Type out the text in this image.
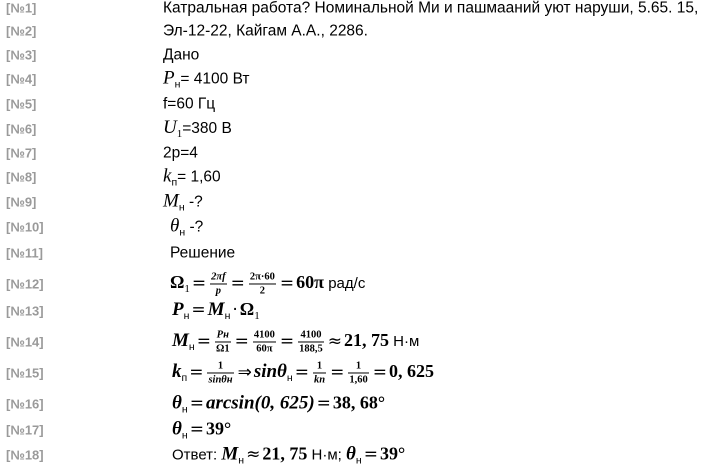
[№1]	Катральная работа? Номинальной Ми и пашмааний уют наруши, 5.65. 15,
[№2]	Эл-12-22, Кайгам А.А., 2286.
[№3]	Дано
[№4]	$P_н= 4100$ Вт
[№5]	f=60 Гц
[№6]	$U_1=380$ В
[№7]	2p=4
[№8]	$k_п= 1,60$
[№9]	$M_н$ -?
[№10]	$\theta_н$ -?
[№11]	Решение
[№12]	$\Omega_1 = \frac{2\pi f}{p} = \frac{2\pi\cdot 60}{2} = 60\pi$ рад/с
[№13]	$P_н = M_н \cdot \Omega_1$
[№14]	$M_н = \frac{Pн}{\Omega 1} = \frac{4100}{60\pi} = \frac{4100}{188,5} \approx 21$, 75 Н·м
[№15]	$k_п = \frac{1}{\sin\theta н}$ ⇒ $\sin\theta_н = \frac{1}{kп} = \frac{1}{1,60} = 0$, 625
[№16]	$\theta_н = \arcsin(0$, 625) = 38, 68°
[№17]	$\theta_н = 39^\circ$
[№18]	Ответ: $M_н \approx 21$, 75 Н·м; $\theta_н = 39^\circ$
